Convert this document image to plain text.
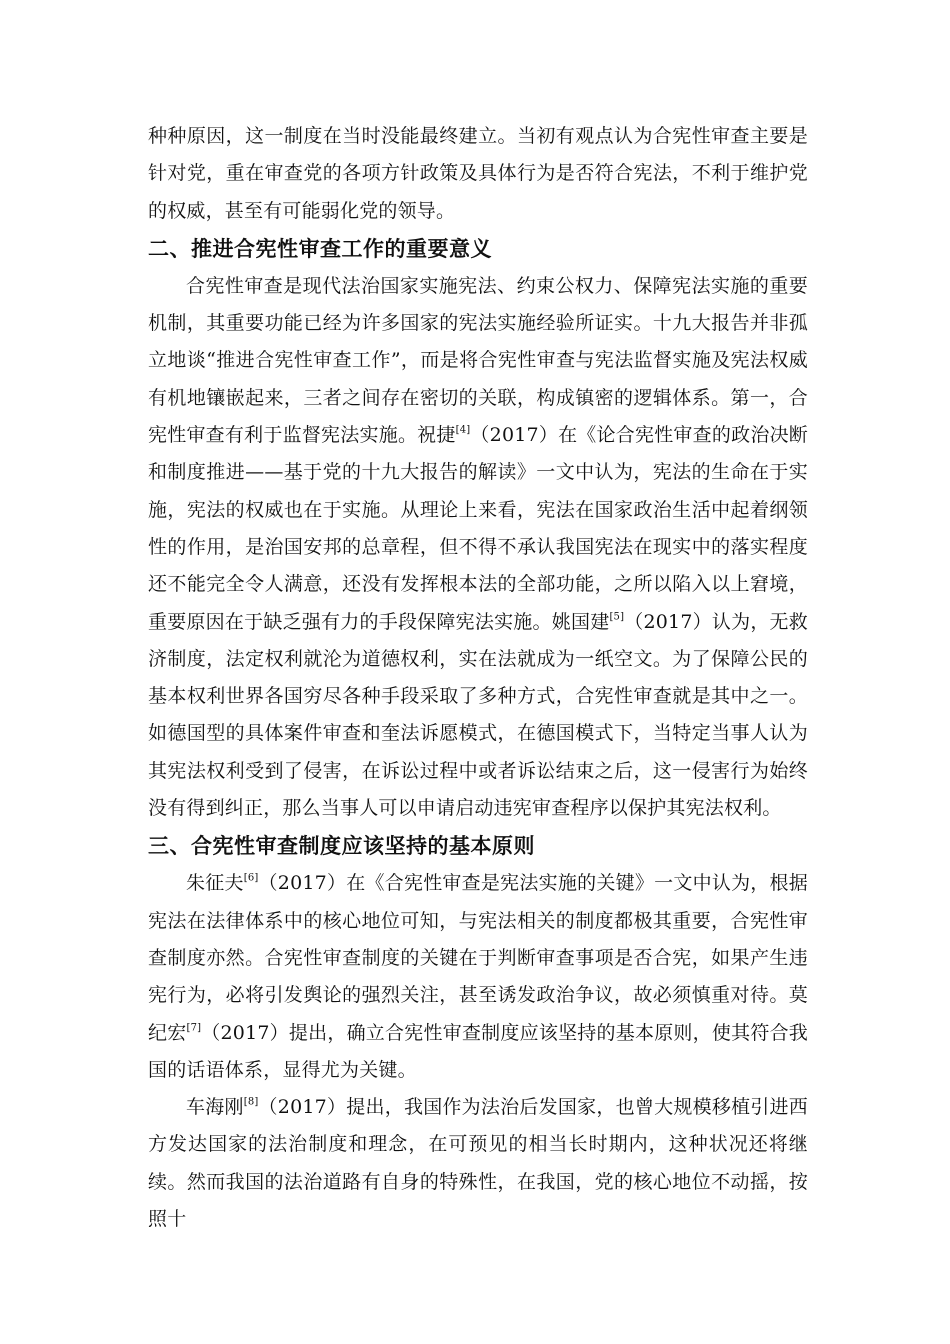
种种原因，这一制度在当时没能最终建立。当初有观点认为合宪性审查主要是针对党，重在审查党的各项方针政策及具体行为是否符合宪法，不利于维护党的权威，甚至有可能弱化党的领导。

二、推进合宪性审查工作的重要意义

合宪性审查是现代法治国家实施宪法、约束公权力、保障宪法实施的重要机制，其重要功能已经为许多国家的宪法实施经验所证实。十九大报告并非孤立地谈“推进合宪性审查工作”，而是将合宪性审查与宪法监督实施及宪法权威有机地镶嵌起来，三者之间存在密切的关联，构成镇密的逻辑体系。第一，合宪性审查有利于监督宪法实施。祝捷[4]（2017）在《论合宪性审查的政治决断和制度推进——基于党的十九大报告的解读》一文中认为，宪法的生命在于实施，宪法的权威也在于实施。从理论上来看，宪法在国家政治生活中起着纲领性的作用，是治国安邦的总章程，但不得不承认我国宪法在现实中的落实程度还不能完全令人满意，还没有发挥根本法的全部功能，之所以陷入以上窘境，重要原因在于缺乏强有力的手段保障宪法实施。姚国建[5]（2017）认为，无救济制度，法定权利就沦为道德权利，实在法就成为一纸空文。为了保障公民的基本权利世界各国穷尽各种手段采取了多种方式，合宪性审查就是其中之一。如德国型的具体案件审查和奎法诉愿模式，在德国模式下，当特定当事人认为其宪法权利受到了侵害，在诉讼过程中或者诉讼结束之后，这一侵害行为始终没有得到纠正，那么当事人可以申请启动违宪审查程序以保护其宪法权利。

三、合宪性审查制度应该坚持的基本原则

朱征夫[6]（2017）在《合宪性审查是宪法实施的关键》一文中认为，根据宪法在法律体系中的核心地位可知，与宪法相关的制度都极其重要，合宪性审查制度亦然。合宪性审查制度的关键在于判断审查事项是否合宪，如果产生违宪行为，必将引发舆论的强烈关注，甚至诱发政治争议，故必须慎重对待。莫纪宏[7]（2017）提出，确立合宪性审查制度应该坚持的基本原则，使其符合我国的话语体系，显得尤为关键。

车海刚[8]（2017）提出，我国作为法治后发国家，也曾大规模移植引进西方发达国家的法治制度和理念，在可预见的相当长时期内，这种状况还将继续。然而我国的法治道路有自身的特殊性，在我国，党的核心地位不动摇，按照十
